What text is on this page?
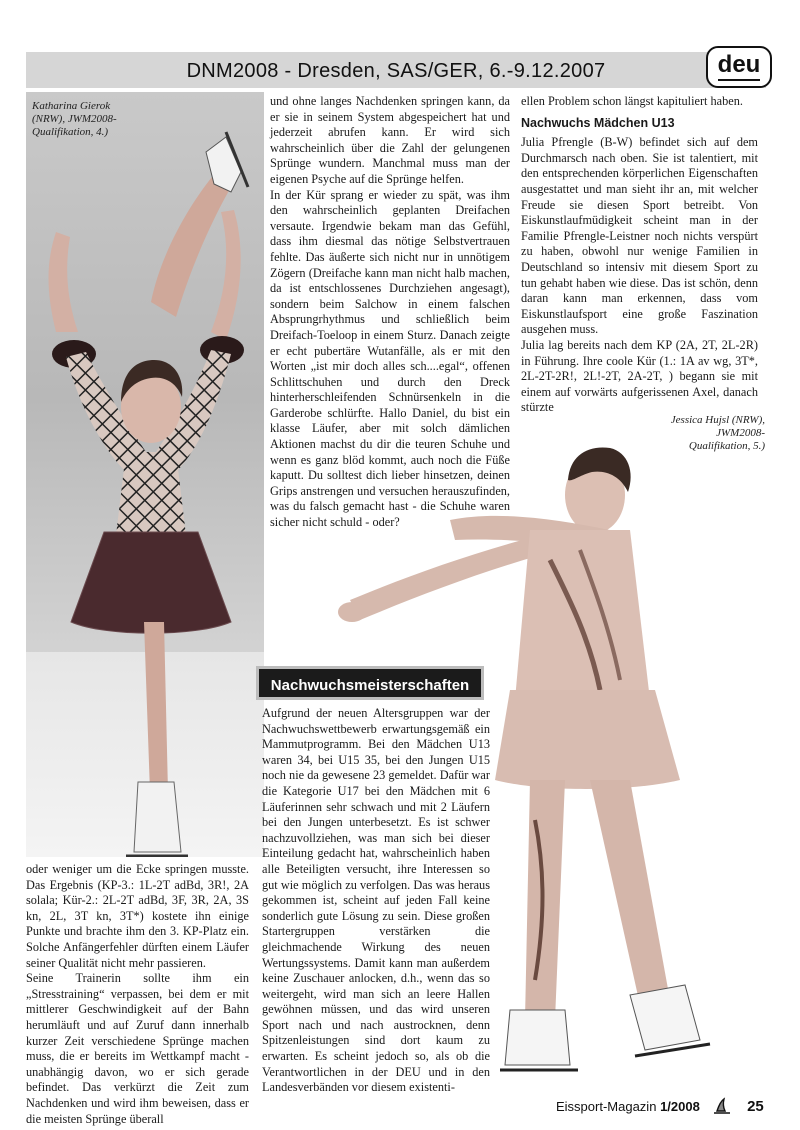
DNM2008 - Dresden, SAS/GER, 6.-9.12.2007	deu
Katharina Gierok (NRW), JWM2008-Qualifikation, 4.)
Jessica Hujsl (NRW), JWM2008-Qualifikation, 5.)

oder weniger um die Ecke springen musste. Das Ergebnis (KP-3.: 1L-2T adBd, 3R!, 2A solala; Kür-2.: 2L-2T adBd, 3F, 3R, 2A, 3S kn, 2L, 3T kn, 3T*) kostete ihn einige Punkte und brachte ihm den 3. KP-Platz ein. Solche Anfängerfehler dürften einem Läufer seiner Qualität nicht mehr passieren.

Seine Trainerin sollte ihm ein „Stresstraining“ verpassen, bei dem er mit mittlerer Geschwindigkeit auf der Bahn herumläuft und auf Zuruf dann innerhalb kurzer Zeit verschiedene Sprünge machen muss, die er bereits im Wettkampf macht - unabhängig davon, wo er sich gerade befindet. Das verkürzt die Zeit zum Nachdenken und wird ihm beweisen, dass er die meisten Sprünge überall

und ohne langes Nachdenken springen kann, da er sie in seinem System abgespeichert hat und jederzeit abrufen kann. Er wird sich wahrscheinlich über die Zahl der gelungenen Sprünge wundern. Manchmal muss man der eigenen Psyche auf die Sprünge helfen.

In der Kür sprang er wieder zu spät, was ihm den wahrscheinlich geplanten Dreifachen versaute. Irgendwie bekam man das Gefühl, dass ihm diesmal das nötige Selbstvertrauen fehlte. Das äußerte sich nicht nur in unnötigem Zögern (Dreifache kann man nicht halb machen, da ist entschlossenes Durchziehen angesagt), sondern beim Salchow in einem falschen Absprungrhythmus und schließlich beim Dreifach-Toeloop in einem Sturz. Danach zeigte er echt pubertäre Wutanfälle, als er mit den Worten „ist mir doch alles sch....egal“, offenen Schlittschuhen und durch den Dreck hinterherschleifenden Schnürsenkeln in die Garderobe schlürfte. Hallo Daniel, du bist ein klasse Läufer, aber mit solch dämlichen Aktionen machst du dir die teuren Schuhe und wenn es ganz blöd kommt, auch noch die Füße kaputt. Du solltest dich lieber hinsetzen, deinen Grips anstrengen und versuchen herauszufinden, was du falsch gemacht hast - die Schuhe waren sicher nicht schuld - oder?

Nachwuchsmeisterschaften

Aufgrund der neuen Altersgruppen war der Nachwuchswettbewerb erwartungsgemäß ein Mammutprogramm. Bei den Mädchen U13 waren 34, bei U15 35, bei den Jungen U15 noch nie da gewesene 23 gemeldet. Dafür war die Kategorie U17 bei den Mädchen mit 6 Läuferinnen sehr schwach und mit 2 Läufern bei den Jungen unterbesetzt. Es ist schwer nachzuvollziehen, was man sich bei dieser Einteilung gedacht hat, wahrscheinlich haben alle Beteiligten versucht, ihre Interessen so gut wie möglich zu verfolgen. Das was heraus gekommen ist, scheint auf jeden Fall keine sonderlich gute Lösung zu sein. Diese großen Startergruppen verstärken die gleichmachende Wirkung des neuen Wertungssystems. Damit kann man außerdem keine Zuschauer anlocken, d.h., wenn das so weitergeht, wird man sich an leere Hallen gewöhnen müssen, und das wird unseren Sport nach und nach austrocknen, denn Spitzenleistungen sind dort kaum zu erwarten. Es scheint jedoch so, als ob die Verantwortlichen in der DEU und in den Landesverbänden vor diesem existenti-

ellen Problem schon längst kapituliert haben.

Nachwuchs Mädchen U13

Julia Pfrengle (B-W) befindet sich auf dem Durchmarsch nach oben. Sie ist talentiert, mit den entsprechenden körperlichen Eigenschaften ausgestattet und man sieht ihr an, mit welcher Freude sie diesen Sport betreibt. Von Eiskunstlaufmüdigkeit scheint man in der Familie Pfrengle-Leistner noch nichts verspürt zu haben, obwohl nur wenige Familien in Deutschland so intensiv mit diesem Sport zu tun gehabt haben wie diese. Das ist schön, denn daran kann man erkennen, dass vom Eiskunstlaufsport eine große Faszination ausgehen muss.

Julia lag bereits nach dem KP (2A, 2T, 2L-2R) in Führung. Ihre coole Kür (1.: 1A av wg, 3T*, 2L-2T-2R!, 2L!-2T, 2A-2T, ) begann sie mit einem auf vorwärts aufgerissenen Axel, danach stürzte

Eissport-Magazin 1/2008	25
